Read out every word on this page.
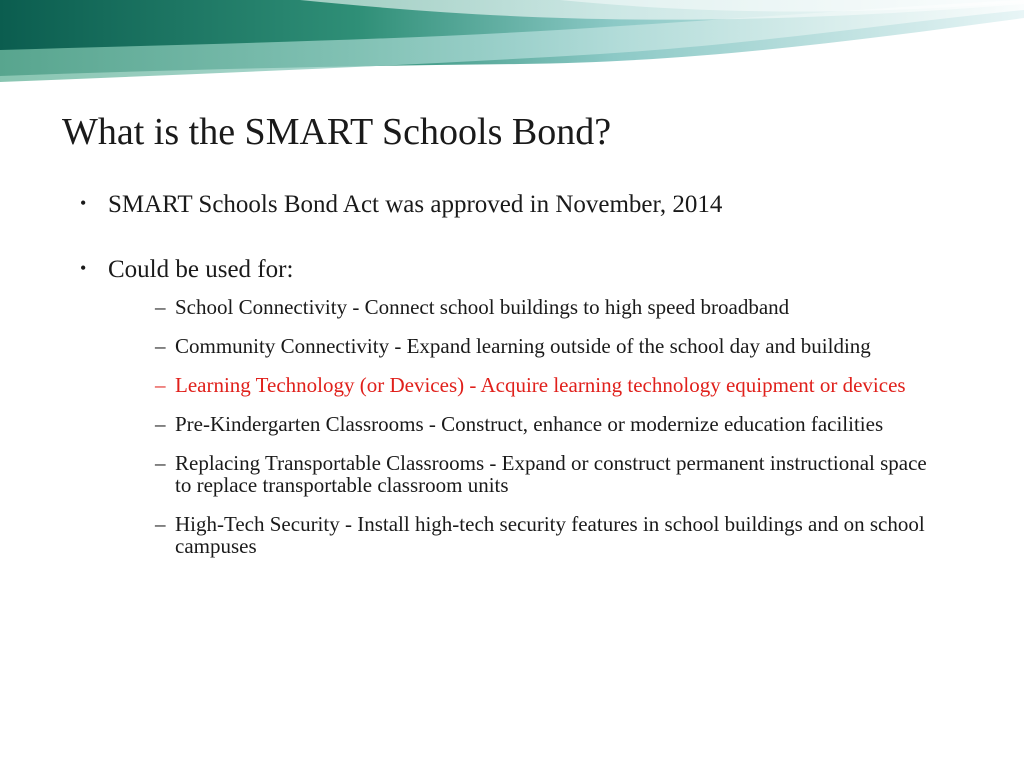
What is the SMART Schools Bond?
• SMART Schools Bond Act was approved in November, 2014
• Could be used for:
– School Connectivity - Connect school buildings to high speed broadband
– Community Connectivity - Expand learning outside of the school day and building
– Learning Technology (or Devices) - Acquire learning technology equipment or devices
– Pre-Kindergarten Classrooms - Construct, enhance or modernize education facilities
– Replacing Transportable Classrooms - Expand or construct permanent instructional space to replace transportable classroom units
– High-Tech Security - Install high-tech security features in school buildings and on school campuses
